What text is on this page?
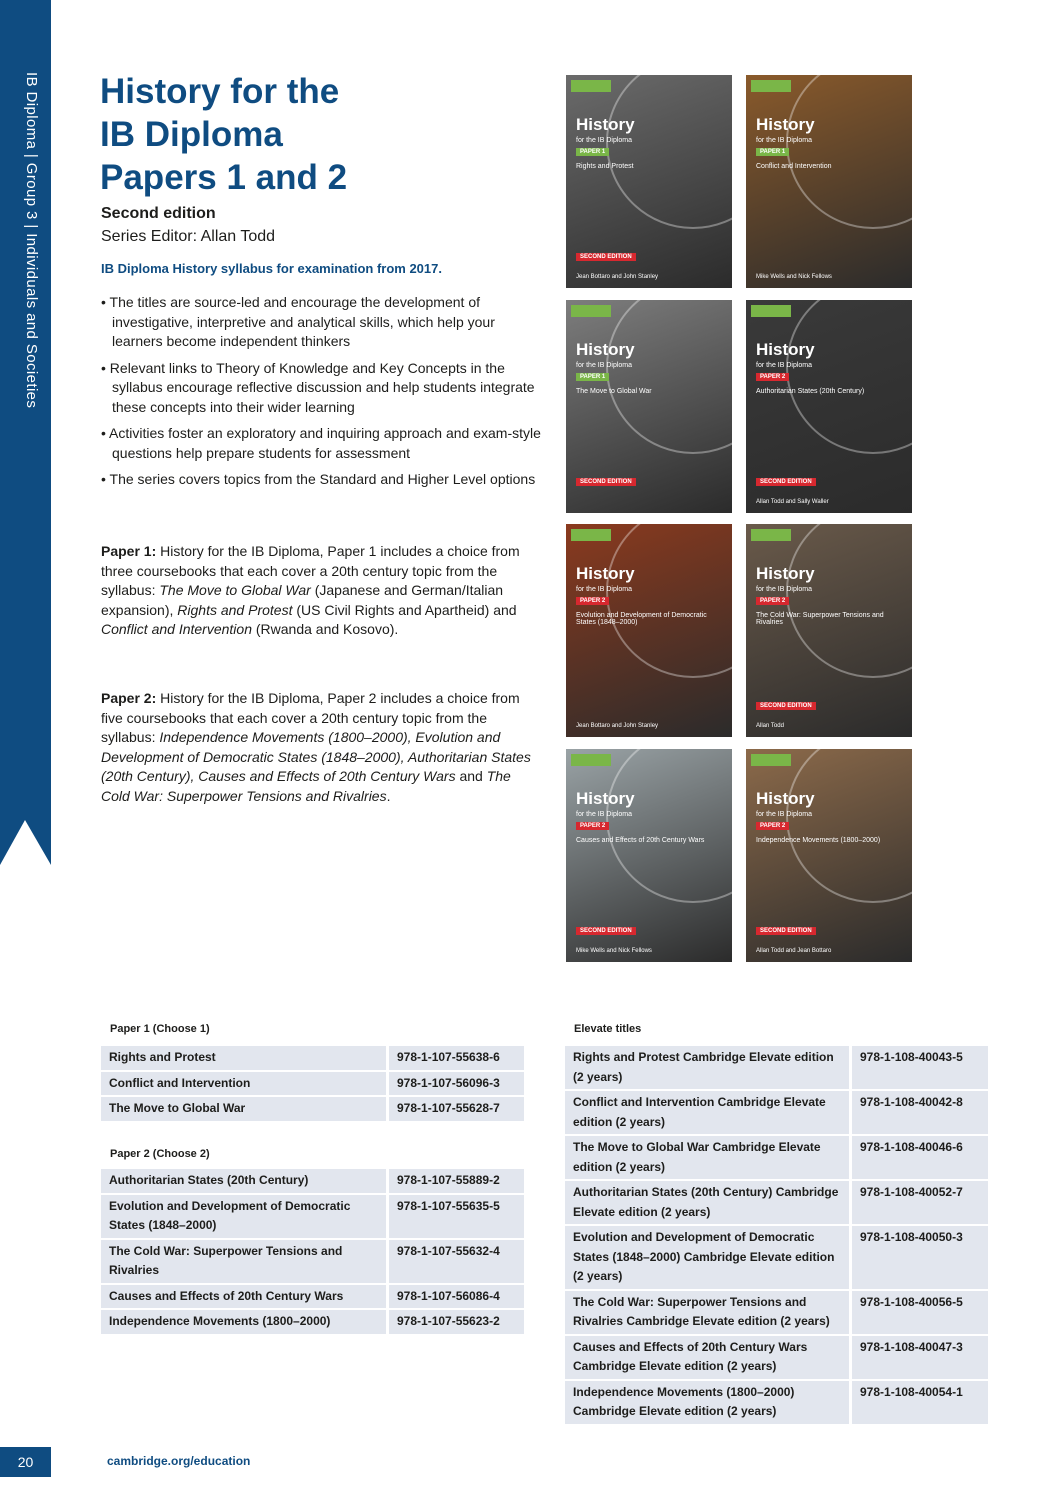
IB Diploma | Group 3 | Individuals and Societies History for the
IB Diploma
Papers 1 and 2
Second edition
Series Editor: Allan Todd
IB Diploma History syllabus for examination from 2017.
• The titles are source-led and encourage the development of investigative, interpretive and analytical skills, which help your learners become independent thinkers
• Relevant links to Theory of Knowledge and Key Concepts in the syllabus encourage reflective discussion and help students integrate these concepts into their wider learning
• Activities foster an exploratory and inquiring approach and exam-style questions help prepare students for assessment
• The series covers topics from the Standard and Higher Level options

Paper 1: History for the IB Diploma, Paper 1 includes a choice from three coursebooks that each cover a 20th century topic from the syllabus: The Move to Global War (Japanese and German/Italian expansion), Rights and Protest (US Civil Rights and Apartheid) and Conflict and Intervention (Rwanda and Kosovo).

Paper 2: History for the IB Diploma, Paper 2 includes a choice from five coursebooks that each cover a 20th century topic from the syllabus: Independence Movements (1800–2000), Evolution and Development of Democratic States (1848–2000), Authoritarian States (20th Century), Causes and Effects of 20th Century Wars and The Cold War: Superpower Tensions and Rivalries.

History
for the IB Diploma
PAPER 1
Rights and Protest
SECOND EDITION
Jean Bottaro and John Stanley
History
for the IB Diploma
PAPER 1
Conflict and Intervention
Mike Wells and Nick Fellows
History
for the IB Diploma
PAPER 1
The Move to Global War
SECOND EDITION
History
for the IB Diploma
PAPER 2
Authoritarian States (20th Century)
SECOND EDITION
Allan Todd and Sally Waller
History
for the IB Diploma
PAPER 2
Evolution and Development of Democratic States (1848–2000)
Jean Bottaro and John Stanley
History
for the IB Diploma
PAPER 2
The Cold War: Superpower Tensions and Rivalries
SECOND EDITION
Allan Todd
History
for the IB Diploma
PAPER 2
Causes and Effects of 20th Century Wars
SECOND EDITION
Mike Wells and Nick Fellows
History
for the IB Diploma
PAPER 2
Independence Movements (1800–2000)
SECOND EDITION
Allan Todd and Jean Bottaro
Paper 1 (Choose 1)
Rights and Protest	978-1-107-55638-6
Conflict and Intervention	978-1-107-56096-3
The Move to Global War	978-1-107-55628-7
Paper 2 (Choose 2)
Authoritarian States (20th Century)	978-1-107-55889-2
Evolution and Development of Democratic States (1848–2000)	978-1-107-55635-5
The Cold War: Superpower Tensions and Rivalries	978-1-107-55632-4
Causes and Effects of 20th Century Wars	978-1-107-56086-4
Independence Movements (1800–2000)	978-1-107-55623-2
Elevate titles
Rights and Protest Cambridge Elevate edition (2 years)	978-1-108-40043-5
Conflict and Intervention Cambridge Elevate edition (2 years)	978-1-108-40042-8
The Move to Global War Cambridge Elevate edition (2 years)	978-1-108-40046-6
Authoritarian States (20th Century) Cambridge Elevate edition (2 years)	978-1-108-40052-7
Evolution and Development of Democratic States (1848–2000) Cambridge Elevate edition (2 years)	978-1-108-40050-3
The Cold War: Superpower Tensions and Rivalries Cambridge Elevate edition (2 years)	978-1-108-40056-5
Causes and Effects of 20th Century Wars Cambridge Elevate edition (2 years)	978-1-108-40047-3
Independence Movements (1800–2000) Cambridge Elevate edition (2 years)	978-1-108-40054-1
20	cambridge.org/education
